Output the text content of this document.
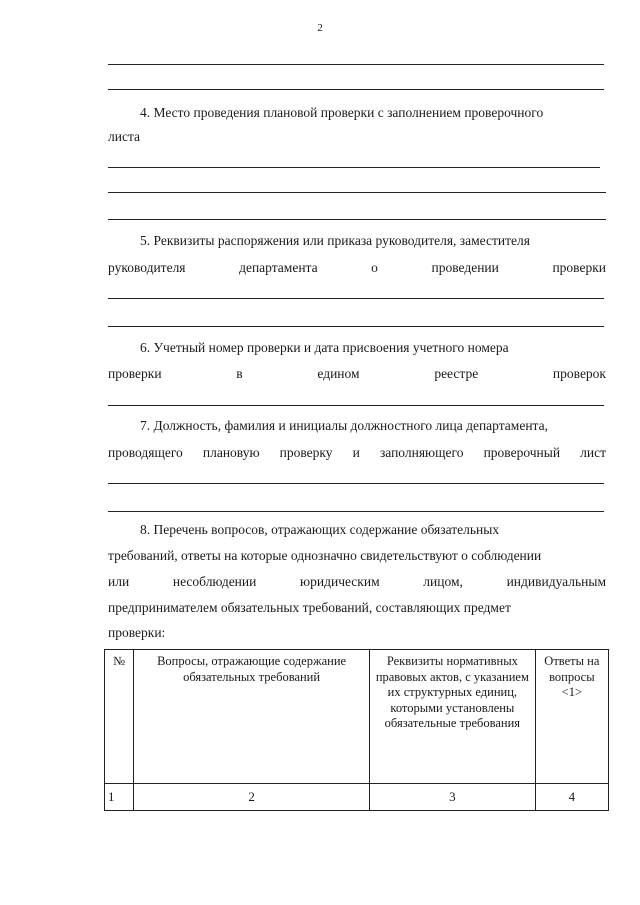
2

4. Место проведения плановой проверки с заполнением проверочного

листа

5. Реквизиты распоряжения или приказа руководителя, заместителя

руководителя департамента о проведении проверки

6. Учетный номер проверки и дата присвоения учетного номера

проверки в едином реестре проверок

7. Должность, фамилия и инициалы должностного лица департамента,

проводящего плановую проверку и заполняющего проверочный лист

8. Перечень вопросов, отражающих содержание обязательных

требований, ответы на которые однозначно свидетельствуют о соблюдении

или несоблюдении юридическим лицом, индивидуальным

предпринимателем обязательных требований, составляющих предмет

проверки:

№	Вопросы, отражающие содержание обязательных требований	Реквизиты нормативных правовых актов, с указанием их структурных единиц, которыми установлены обязательные требования	Ответы на вопросы <1>
1	2	3	4
